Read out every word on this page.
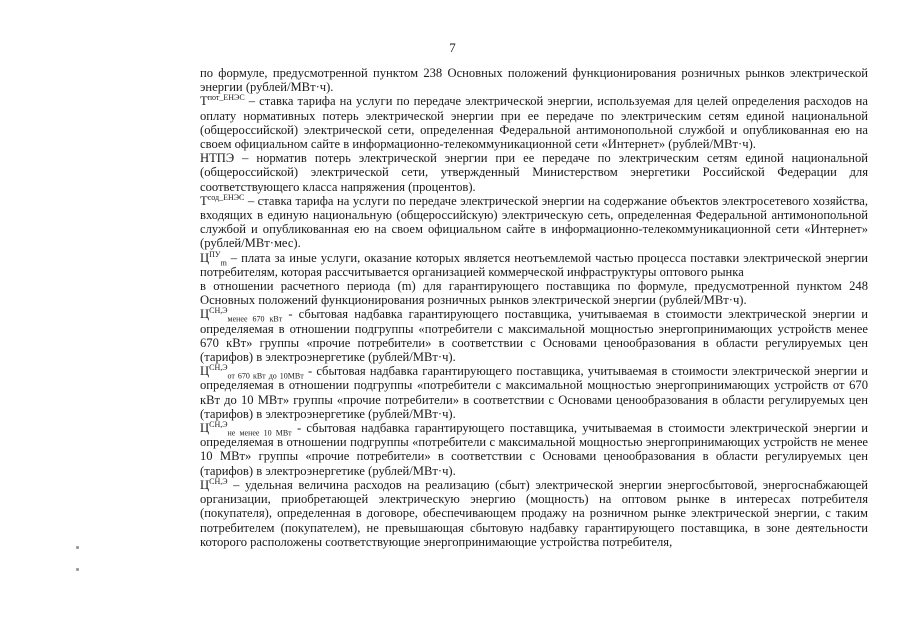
7

по формуле, предусмотренной пунктом 238 Основных положений функционирования розничных рынков электрической энергии (рублей/МВт·ч).

$T^{пот\_ЕНЭС}$ – ставка тарифа на услуги по передаче электрической энергии, используемая для целей определения расходов на оплату нормативных потерь электрической энергии при ее передаче по электрическим сетям единой национальной (общероссийской) электрической сети, определенная Федеральной антимонопольной службой и опубликованная ею на своем официальном сайте в информационно-телекоммуникационной сети «Интернет» (рублей/МВт·ч).

НТПЭ – норматив потерь электрической энергии при ее передаче по электрическим сетям единой национальной (общероссийской) электрической сети, утвержденный Министерством энергетики Российской Федерации для соответствующего класса напряжения (процентов).

$T^{сод\_ЕНЭС}$ – ставка тарифа на услуги по передаче электрической энергии на содержание объектов электросетевого хозяйства, входящих в единую национальную (общероссийскую) электрическую сеть, определенная Федеральной антимонопольной службой и опубликованная ею на своем официальном сайте в информационно-телекоммуникационной сети «Интернет» (рублей/МВт·мес).

$Ц^{ПУ}_m$ – плата за иные услуги, оказание которых является неотъемлемой частью процесса поставки электрической энергии потребителям, которая рассчитывается организацией коммерческой инфраструктуры оптового рынка

в отношении расчетного периода (m) для гарантирующего поставщика по формуле, предусмотренной пунктом 248 Основных положений функционирования розничных рынков электрической энергии (рублей/МВт·ч).

$Ц^{СН,Э}_{менее 670 кВт}$ - сбытовая надбавка гарантирующего поставщика, учитываемая в стоимости электрической энергии и определяемая в отношении подгруппы «потребители с максимальной мощностью энергопринимающих устройств менее 670 кВт» группы «прочие потребители» в соответствии с Основами ценообразования в области регулируемых цен (тарифов) в электроэнергетике (рублей/МВт·ч).

$Ц^{СН,Э}_{от 670 кВт до 10МВт}$ - сбытовая надбавка гарантирующего поставщика, учитываемая в стоимости электрической энергии и определяемая в отношении подгруппы «потребители с максимальной мощностью энергопринимающих устройств от 670 кВт до 10 МВт» группы «прочие потребители» в соответствии с Основами ценообразования в области регулируемых цен (тарифов) в электроэнергетике (рублей/МВт·ч).

$Ц^{СН,Э}_{не менее 10 МВт}$ - сбытовая надбавка гарантирующего поставщика, учитываемая в стоимости электрической энергии и определяемая в отношении подгруппы «потребители с максимальной мощностью энергопринимающих устройств не менее 10 МВт» группы «прочие потребители» в соответствии с Основами ценообразования в области регулируемых цен (тарифов) в электроэнергетике (рублей/МВт·ч).

$Ц^{СН,Э}$ – удельная величина расходов на реализацию (сбыт) электрической энергии энергосбытовой, энергоснабжающей организации, приобретающей электрическую энергию (мощность) на оптовом рынке в интересах потребителя (покупателя), определенная в договоре, обеспечивающем продажу на розничном рынке электрической энергии, с таким потребителем (покупателем), не превышающая сбытовую надбавку гарантирующего поставщика, в зоне деятельности которого расположены соответствующие энергопринимающие устройства потребителя,
